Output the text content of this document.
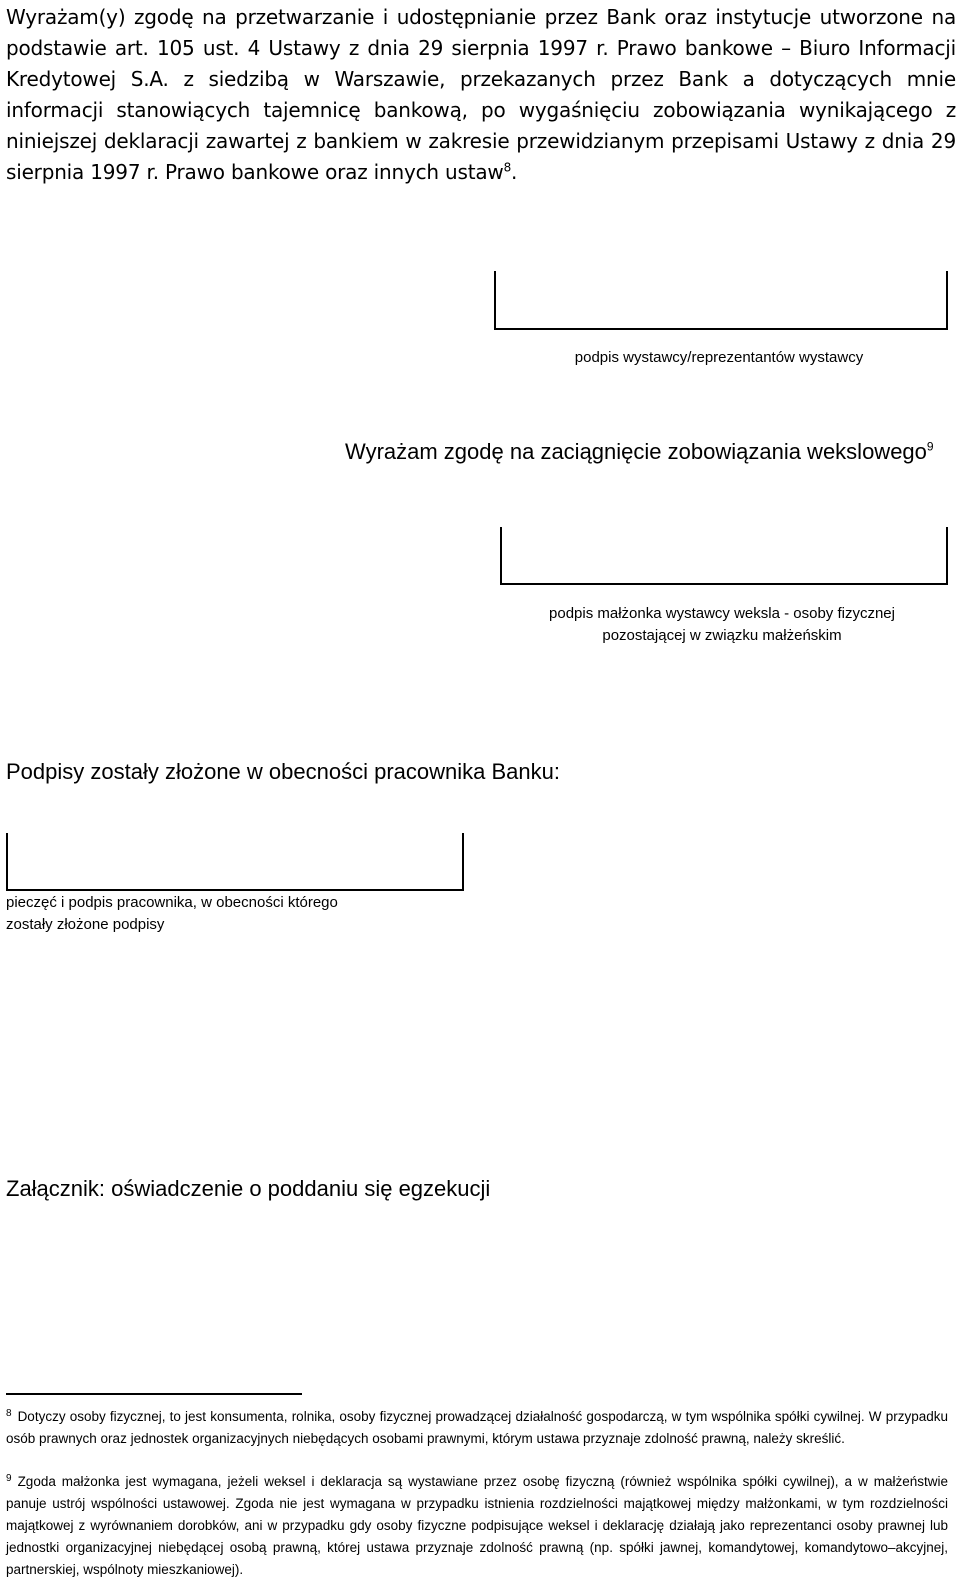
Wyrażam(y) zgodę na przetwarzanie i udostępnianie przez Bank oraz instytucje utworzone na podstawie art. 105 ust. 4 Ustawy z dnia 29 sierpnia 1997 r. Prawo bankowe – Biuro Informacji Kredytowej S.A. z siedzibą w Warszawie, przekazanych przez Bank a dotyczących mnie informacji stanowiących tajemnicę bankową, po wygaśnięciu zobowiązania wynikającego z niniejszej deklaracji zawartej z bankiem w zakresie przewidzianym przepisami Ustawy z dnia 29 sierpnia 1997 r. Prawo bankowe oraz innych ustaw$^8$.

podpis wystawcy/reprezentantów wystawcy
Wyrażam zgodę na zaciągnięcie zobowiązania wekslowego$^9$
podpis małżonka wystawcy weksla - osoby fizycznej
pozostającej w związku małżeńskim
Podpisy zostały złożone w obecności pracownika Banku:
pieczęć i podpis pracownika, w obecności którego
zostały złożone podpisy
Załącznik: oświadczenie o poddaniu się egzekucji
$^8$ Dotyczy osoby fizycznej, to jest konsumenta, rolnika, osoby fizycznej prowadzącej działalność gospodarczą, w tym wspólnika spółki cywilnej. W przypadku osób prawnych oraz jednostek organizacyjnych niebędących osobami prawnymi, którym ustawa przyznaje zdolność prawną, należy skreślić.
$^9$ Zgoda małżonka jest wymagana, jeżeli weksel i deklaracja są wystawiane przez osobę fizyczną (również wspólnika spółki cywilnej), a w małżeństwie panuje ustrój wspólności ustawowej. Zgoda nie jest wymagana w przypadku istnienia rozdzielności majątkowej między małżonkami, w tym rozdzielności majątkowej z wyrównaniem dorobków, ani w przypadku gdy osoby fizyczne podpisujące weksel i deklarację działają jako reprezentanci osoby prawnej lub jednostki organizacyjnej niebędącej osobą prawną, której ustawa przyznaje zdolność prawną (np. spółki jawnej, komandytowej, komandytowo–akcyjnej, partnerskiej, wspólnoty mieszkaniowej).
